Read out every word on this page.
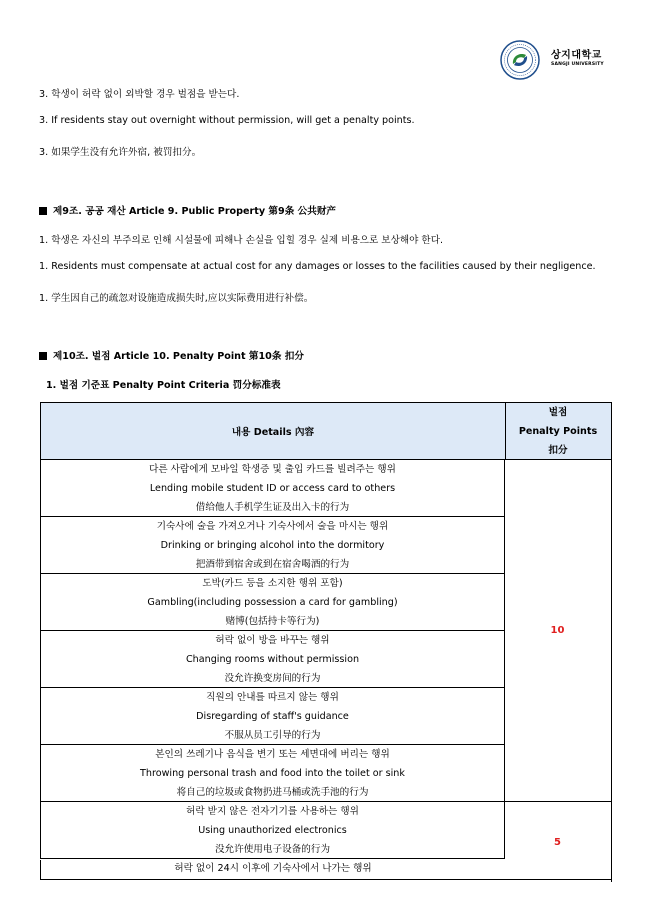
상지대학교
SANGJI UNIVERSITY
3. 학생이 허락 없이 외박할 경우 벌점을 받는다.
3. If residents stay out overnight without permission, will get a penalty points.
3. 如果学生没有允许外宿, 被罚扣分。
제9조. 공공 재산 Article 9. Public Property 第9条 公共财产
1. 학생은 자신의 부주의로 인해 시설물에 피해나 손실을 입힐 경우 실제 비용으로 보상해야 한다.
1. Residents must compensate at actual cost for any damages or losses to the facilities caused by their negligence.
1. 学生因自己的疏忽对设施造成损失时,应以实际费用进行补偿。
제10조. 벌점 Article 10. Penalty Point 第10条 扣分
1. 벌점 기준표 Penalty Point Criteria 罚分标准表
내용 Details 內容
벌점
Penalty Points
扣分
다른 사람에게 모바일 학생증 및 출입 카드를 빌려주는 행위
Lending mobile student ID or access card to others
借给他人手机学生证及出入卡的行为
기숙사에 술을 가져오거나 기숙사에서 술을 마시는 행위
Drinking or bringing alcohol into the dormitory
把酒带到宿舍或到在宿舍喝酒的行为
도박(카드 등을 소지한 행위 포함)
Gambling(including possession a card for gambling)
赌博(包括持卡等行为)
허락 없이 방을 바꾸는 행위
Changing rooms without permission
没允许换变房间的行为
직원의 안내를 따르지 않는 행위
Disregarding of staff's guidance
不服从员工引导的行为
본인의 쓰레기나 음식을 변기 또는 세면대에 버리는 행위
Throwing personal trash and food into the toilet or sink
将自己的垃圾或食物扔进马桶或洗手池的行为
허락 받지 않은 전자기기를 사용하는 행위
Using unauthorized electronics
没允许使用电子设备的行为
10
5
허락 없이 24시 이후에 기숙사에서 나가는 행위
